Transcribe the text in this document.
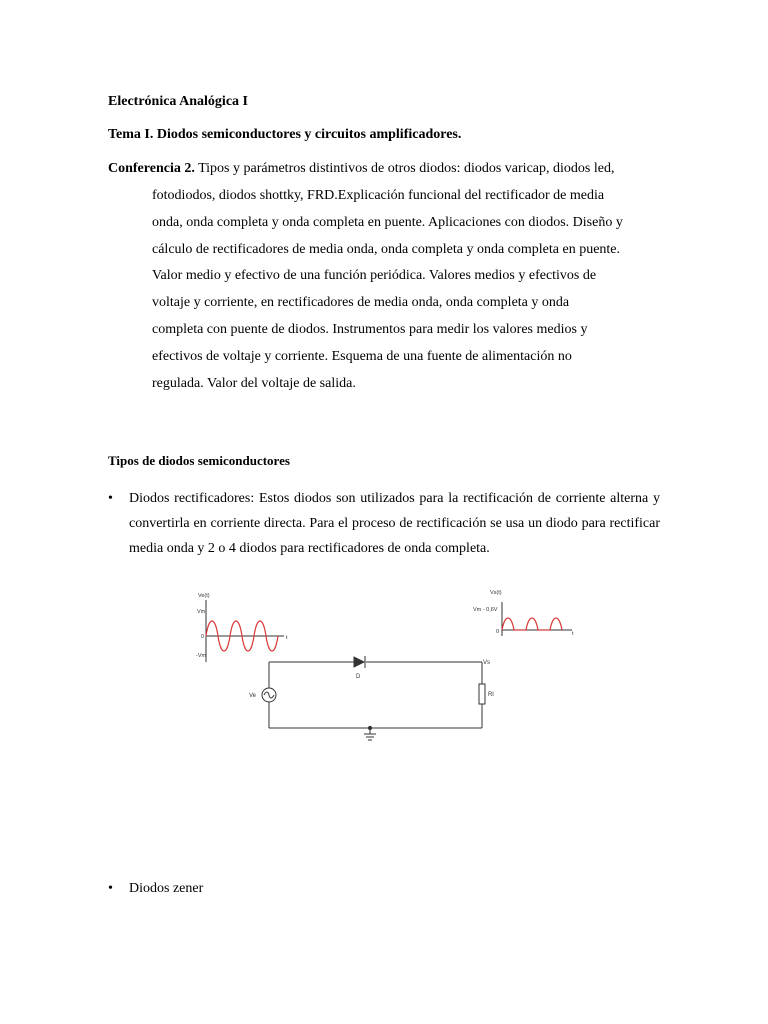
Electrónica Analógica I
Tema I. Diodos semiconductores y circuitos amplificadores.
Conferencia 2. Tipos y parámetros distintivos de otros diodos: diodos varicap, diodos led,
fotodiodos, diodos shottky, FRD.Explicación funcional del rectificador de media
onda, onda completa y onda completa en puente. Aplicaciones con diodos. Diseño y
cálculo de rectificadores de media onda, onda completa y onda completa en puente.
Valor medio y efectivo de una función periódica. Valores medios y efectivos de
voltaje y corriente, en rectificadores de media onda, onda completa y onda
completa con puente de diodos. Instrumentos para medir los valores medios y
efectivos de voltaje y corriente. Esquema de una fuente de alimentación no
regulada. Valor del voltaje de salida.
Tipos de diodos semiconductores
• Diodos rectificadores: Estos diodos son utilizados para la rectificación de corriente alterna y
convertirla en corriente directa. Para el proceso de rectificación se usa un diodo para rectificar
media onda y 2 o 4 diodos para rectificadores de onda completa.
Ve(t)
Vm
0
-Vm
t
Vs(t)
Vm - 0,6V
0	t
Ve
D
Vs
Rl
• Diodos zener
